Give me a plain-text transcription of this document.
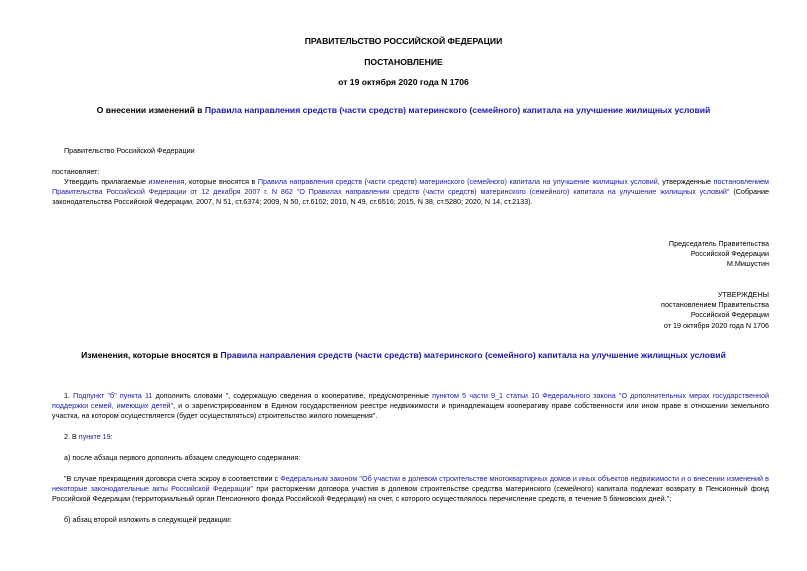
ПРАВИТЕЛЬСТВО РОССИЙСКОЙ ФЕДЕРАЦИИ
ПОСТАНОВЛЕНИЕ
от 19 октября 2020 года N 1706
О внесении изменений в Правила направления средств (части средств) материнского (семейного) капитала на улучшение жилищных условий
Правительство Российской Федерации
постановляет:

Утвердить прилагаемые изменения, которые вносятся в Правила направления средств (части средств) материнского (семейного) капитала на улучшение жилищных условий, утвержденные постановлением Правительства Российской Федерации от 12 декабря 2007 г. N 862 "О Правилах направления средств (части средств) материнского (семейного) капитала на улучшение жилищных условий" (Собрание законодательства Российской Федерации, 2007, N 51, ст.6374; 2009, N 50, ст.6102; 2010, N 49, ст.6516; 2015, N 38, ст.5280; 2020, N 14, ст.2133).

Председатель Правительства
Российской Федерации
М.Мишустин
УТВЕРЖДЕНЫ
постановлением Правительства
Российской Федерации
от 19 октября 2020 года N 1706
Изменения, которые вносятся в Правила направления средств (части средств) материнского (семейного) капитала на улучшение жилищных условий

1. Подпункт "б" пункта 11 дополнить словами ", содержащую сведения о кооперативе, предусмотренные пунктом 5 части 9_1 статьи 10 Федерального закона "О дополнительных мерах государственной поддержки семей, имеющих детей", и о зарегистрированном в Едином государственном реестре недвижимости и принадлежащем кооперативу праве собственности или ином праве в отношении земельного участка, на котором осуществляется (будет осуществляться) строительство жилого помещения".

2. В пункте 19:

а) после абзаца первого дополнить абзацем следующего содержания:

"В случае прекращения договора счета эскроу в соответствии с Федеральным законом "Об участии в долевом строительстве многоквартирных домов и иных объектов недвижимости и о внесении изменений в некоторые законодательные акты Российской Федерации" при расторжении договора участия в долевом строительстве средства материнского (семейного) капитала подлежат возврату в Пенсионный фонд Российской Федерации (территориальный орган Пенсионного фонда Российской Федерации) на счет, с которого осуществлялось перечисление средств, в течение 5 банковских дней.";

б) абзац второй изложить в следующей редакции:
